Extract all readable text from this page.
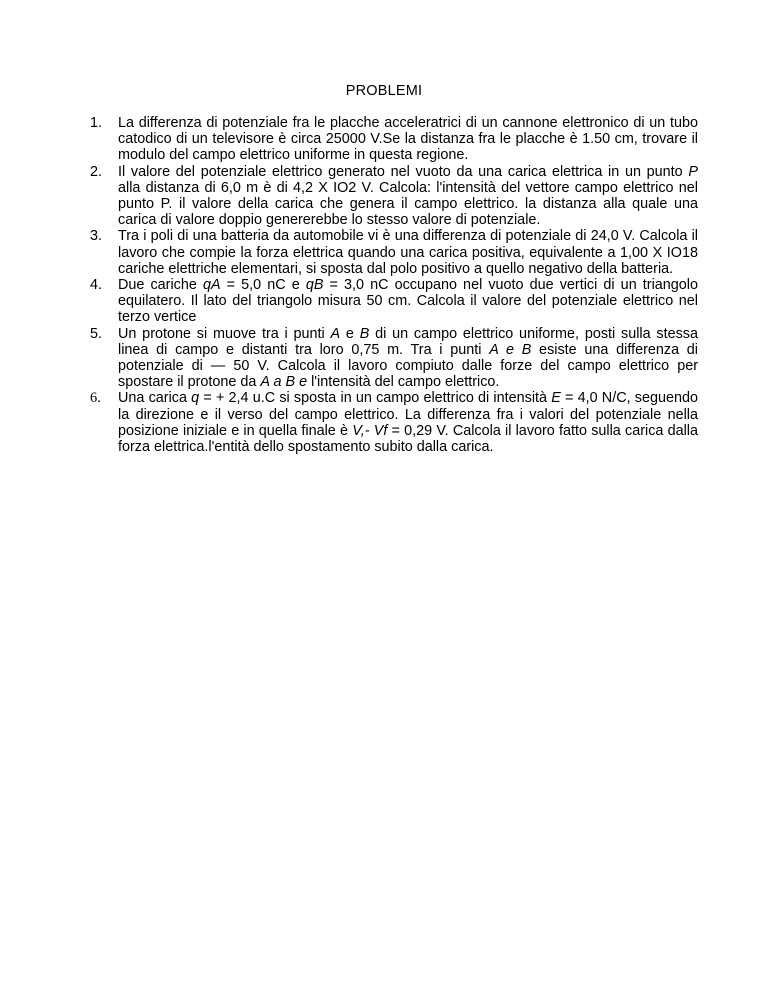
PROBLEMI
1.	La differenza di potenziale fra le placche acceleratrici di un cannone elettronico di un tubo catodico di un televisore è circa 25000 V.Se la distanza fra le placche è 1.50 cm, trovare il modulo del campo elettrico uniforme in questa regione.
2.	Il valore del potenziale elettrico generato nel vuoto da una carica elettrica in un punto P alla distanza di 6,0 m è di 4,2 X IO2 V. Calcola: l'intensità del vettore campo elettrico nel punto P. il valore della carica che genera il campo elettrico. la distanza alla quale una carica di valore doppio genererebbe lo stesso valore di potenziale.
3.	Tra i poli di una batteria da automobile vi è una differenza di potenziale di 24,0 V. Calcola il lavoro che compie la forza elettrica quando una carica positiva, equivalente a 1,00 X IO18 cariche elettriche elementari, si sposta dal polo positivo a quello negativo della batteria.
4.	Due cariche qA = 5,0 nC e qB = 3,0 nC occupano nel vuoto due vertici di un triangolo equilatero. Il lato del triangolo misura 50 cm. Calcola il valore del potenziale elettrico nel terzo vertice
5.	Un protone si muove tra i punti A e B di un campo elettrico uniforme, posti sulla stessa linea di campo e distanti tra loro 0,75 m. Tra i punti A e B esiste una differenza di potenziale di — 50 V. Calcola il lavoro compiuto dalle forze del campo elettrico per spostare il protone da A a B e l'intensità del campo elettrico.
6.	Una carica q = + 2,4 u.C si sposta in un campo elettrico di intensità E = 4,0 N/C, seguendo la direzione e il verso del campo elettrico. La differenza fra i valori del potenziale nella posizione iniziale e in quella finale è V,- Vf = 0,29 V. Calcola il lavoro fatto sulla carica dalla forza elettrica.l'entità dello spostamento subito dalla carica.
